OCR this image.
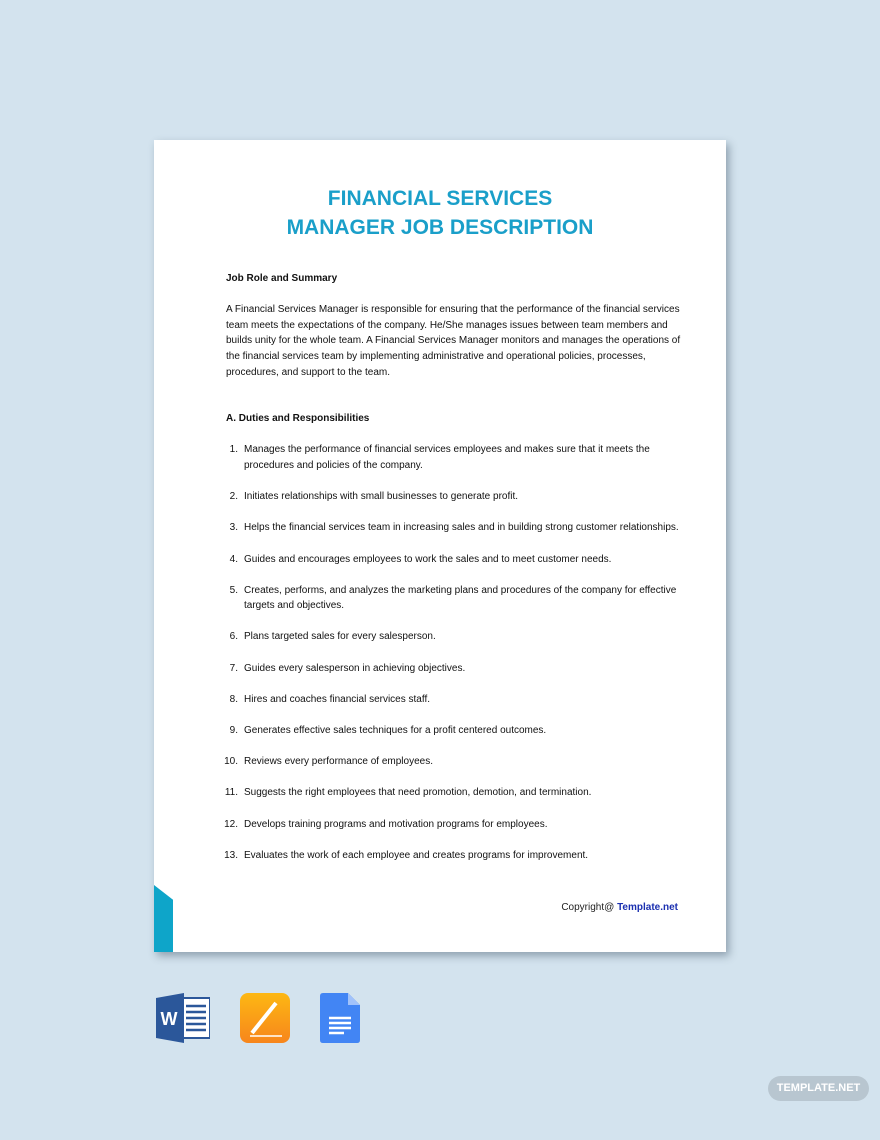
FINANCIAL SERVICES
MANAGER JOB DESCRIPTION
Job Role and Summary

A Financial Services Manager is responsible for ensuring that the performance of the financial services team meets the expectations of the company. He/She manages issues between team members and builds unity for the whole team. A Financial Services Manager monitors and manages the operations of the financial services team by implementing administrative and operational policies, processes, procedures, and support to the team.

A. Duties and Responsibilities
1. Manages the performance of financial services employees and makes sure that it meets the procedures and policies of the company.
2. Initiates relationships with small businesses to generate profit.
3. Helps the financial services team in increasing sales and in building strong customer relationships.
4. Guides and encourages employees to work the sales and to meet customer needs.
5. Creates, performs, and analyzes the marketing plans and procedures of the company for effective targets and objectives.
6. Plans targeted sales for every salesperson.
7. Guides every salesperson in achieving objectives.
8. Hires and coaches financial services staff.
9. Generates effective sales techniques for a profit centered outcomes.
10. Reviews every performance of employees.
11. Suggests the right employees that need promotion, demotion, and termination.
12. Develops training programs and motivation programs for employees.
13. Evaluates the work of each employee and creates programs for improvement.
Copyright@ Template.net
W
TEMPLATE.NET
